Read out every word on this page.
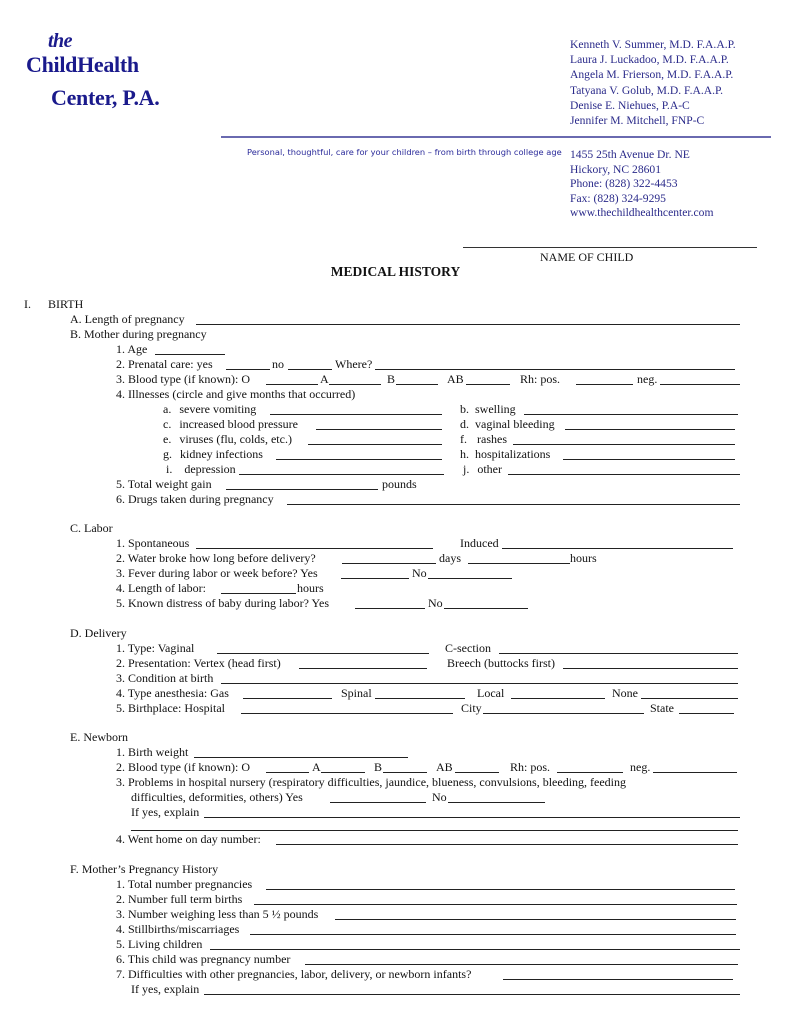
the
ChildHealth
Center, P.A.
Kenneth V. Summer, M.D. F.A.A.P.
Laura J. Luckadoo, M.D. F.A.A.P.
Angela M. Frierson, M.D. F.A.A.P.
Tatyana V. Golub, M.D. F.A.A.P.
Denise E. Niehues, P.A-C
Jennifer M. Mitchell, FNP-C
Personal, thoughtful, care for your children – from birth through college age 1455 25th Avenue Dr. NE
Hickory, NC 28601
Phone: (828) 322-4453
Fax: (828) 324-9295
www.thechildhealthcenter.com
NAME OF CHILD
MEDICAL HISTORY
I. BIRTH
A. Length of pregnancy
B. Mother during pregnancy
1. Age
2. Prenatal care: yes	no	Where?
3. Blood type (if known): O	A	B	AB	Rh: pos.	neg.
4. Illnesses (circle and give months that occurred)
a. severe vomiting	b. swelling
c. increased blood pressure	d. vaginal bleeding
e. viruses (flu, colds, etc.)	f. rashes
g. kidney infections	h. hospitalizations
i. depression	j. other
5. Total weight gain	pounds
6. Drugs taken during pregnancy
C. Labor
1. Spontaneous	Induced
2. Water broke how long before delivery?	days	hours
3. Fever during labor or week before? Yes	No
4. Length of labor:	hours
5. Known distress of baby during labor? Yes	No
D. Delivery
1. Type: Vaginal	C-section
2. Presentation: Vertex (head first)	Breech (buttocks first)
3. Condition at birth
4. Type anesthesia: Gas	Spinal	Local	None
5. Birthplace: Hospital	City	State
E. Newborn
1. Birth weight
2. Blood type (if known): O	A	B	AB	Rh: pos.	neg.
3. Problems in hospital nursery (respiratory difficulties, jaundice, blueness, convulsions, bleeding, feeding
difficulties, deformities, others) Yes	No
If yes, explain
4. Went home on day number:
F. Mother’s Pregnancy History
1. Total number pregnancies
2. Number full term births
3. Number weighing less than 5 ½ pounds
4. Stillbirths/miscarriages
5. Living children
6. This child was pregnancy number
7. Difficulties with other pregnancies, labor, delivery, or newborn infants?
If yes, explain
